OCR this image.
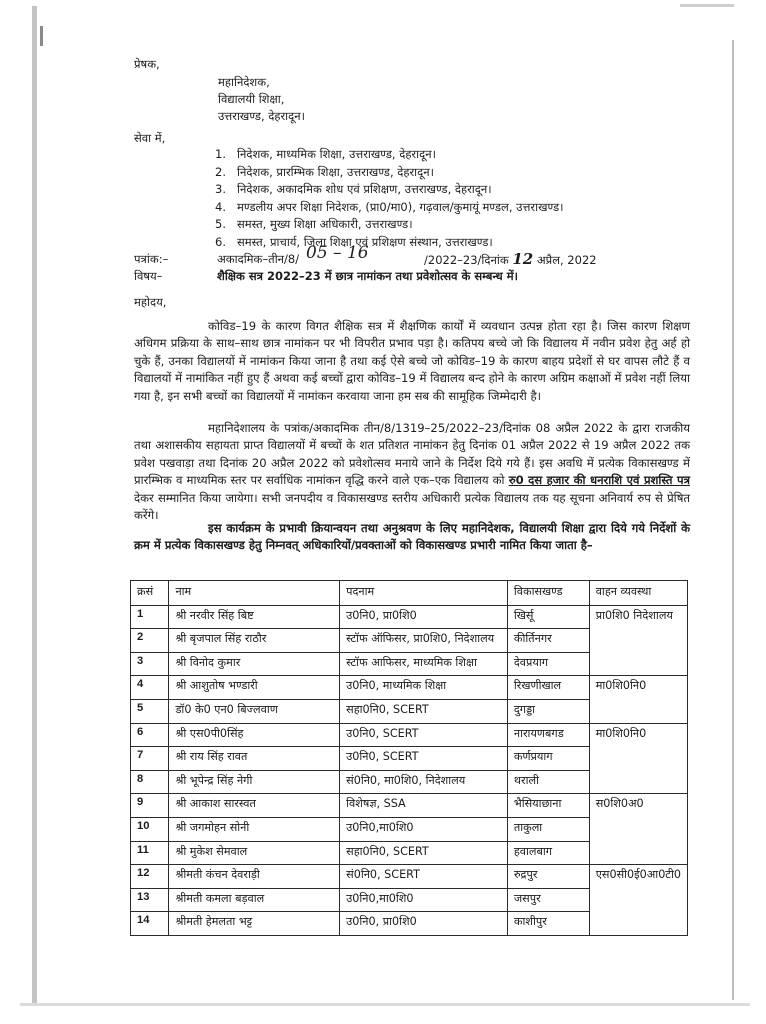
प्रेषक,
महानिदेशक,
विद्यालयी शिक्षा,
उत्तराखण्ड, देहरादून।
सेवा में,
1. निदेशक, माध्यमिक शिक्षा, उत्तराखण्ड, देहरादून।
2. निदेशक, प्रारम्भिक शिक्षा, उत्तराखण्ड, देहरादून।
3. निदेशक, अकादमिक शोध एवं प्रशिक्षण, उत्तराखण्ड, देहरादून।
4. मण्डलीय अपर शिक्षा निदेशक, (प्रा0/मा0), गढ़वाल/कुमायूं मण्डल, उत्तराखण्ड।
5. समस्त, मुख्य शिक्षा अधिकारी, उत्तराखण्ड।
6. समस्त, प्राचार्य, जिला शिक्षा एवं प्रशिक्षण संस्थान, उत्तराखण्ड।
पत्रांक:–	अकादमिक–तीन/8/ 05 – 16	/2022–23/दिनांक 12 अप्रैल, 2022
विषय–	शैक्षिक सत्र 2022–23 में छात्र नामांकन तथा प्रवेशोत्सव के सम्बन्ध में।
महोदय,
कोविड–19 के कारण विगत शैक्षिक सत्र में शैक्षणिक कार्यों में व्यवधान उत्पन्न होता रहा है। जिस कारण शिक्षण अधिगम प्रक्रिया के साथ–साथ छात्र नामांकन पर भी विपरीत प्रभाव पड़ा है। कतिपय बच्चे जो कि विद्यालय में नवीन प्रवेश हेतु अर्ह हो चुके हैं, उनका विद्यालयों में नामांकन किया जाना है तथा कई ऐसे बच्चे जो कोविड–19 के कारण बाहय प्रदेशों से घर वापस लौटे हैं व विद्यालयों में नामांकित नहीं हुए हैं अथवा कई बच्चों द्वारा कोविड–19 में विद्यालय बन्द होने के कारण अग्रिम कक्षाओं में प्रवेश नहीं लिया गया है, इन सभी बच्चों का विद्यालयों में नामांकन करवाया जाना हम सब की सामूहिक जिम्मेदारी है।
महानिदेशालय के पत्रांक/अकादमिक तीन/8/1319–25/2022–23/दिनांक 08 अप्रैल 2022 के द्वारा राजकीय तथा अशासकीय सहायता प्राप्त विद्यालयों में बच्चों के शत प्रतिशत नामांकन हेतु दिनांक 01 अप्रैल 2022 से 19 अप्रैल 2022 तक प्रवेश पखवाड़ा तथा दिनांक 20 अप्रैल 2022 को प्रवेशोत्सव मनाये जाने के निर्देश दिये गये हैं। इस अवधि में प्रत्येक विकासखण्ड में प्रारम्भिक व माध्यमिक स्तर पर सर्वाधिक नामांकन वृद्धि करने वाले एक–एक विद्यालय को रु0 दस हजार की धनराशि एवं प्रशस्ति पत्र देकर सम्मानित किया जायेगा। सभी जनपदीय व विकासखण्ड स्तरीय अधिकारी प्रत्येक विद्यालय तक यह सूचना अनिवार्य रुप से प्रेषित करेंगे।
इस कार्यक्रम के प्रभावी क्रियान्वयन तथा अनुश्रवण के लिए महानिदेशक, विद्यालयी शिक्षा द्वारा दिये गये निर्देशों के क्रम में प्रत्येक विकासखण्ड हेतु निम्नवत् अधिकारियों/प्रवक्ताओं को विकासखण्ड प्रभारी नामित किया जाता है–
क्रसं	नाम	पदनाम	विकासखण्ड	वाहन व्यवस्था
1	श्री नरवीर सिंह बिष्ट	उ0नि0, प्रा0शि0	खिर्सू	प्रा0शि0 निदेशालय
2	श्री बृजपाल सिंह राठौर	स्टॉफ ऑफिसर, प्रा0शि0, निदेशालय	कीर्तिनगर	
3	श्री विनोद कुमार	स्टॉफ आफिसर, माध्यमिक शिक्षा	देवप्रयाग	
4	श्री आशुतोष भण्डारी	उ0नि0, माध्यमिक शिक्षा	रिखणीखाल	मा0शि0नि0
5	डॉ0 के0 एन0 बिज्लवाण	सहा0नि0, SCERT	दुगड्डा	
6	श्री एस0पी0सिंह	उ0नि0, SCERT	नारायणबगड	मा0शि0नि0
7	श्री राय सिंह रावत	उ0नि0, SCERT	कर्णप्रयाग	
8	श्री भूपेन्द्र सिंह नेगी	सं0नि0, मा0शि0, निदेशालय	थराली	
9	श्री आकाश सारस्वत	विशेषज्ञ, SSA	भैसियाछाना	स0शि0अ0
10	श्री जगमोहन सोनी	उ0नि0,मा0शि0	ताकुला	
11	श्री मुकेश सेमवाल	सहा0नि0, SCERT	हवालबाग	
12	श्रीमती कंचन देवराड़ी	सं0नि0, SCERT	रुद्रपुर	एस0सी0ई0आ0टी0
13	श्रीमती कमला बड़वाल	उ0नि0,मा0शि0	जसपुर	
14	श्रीमती हेमलता भट्ट	उ0नि0, प्रा0शि0	काशीपुर	
